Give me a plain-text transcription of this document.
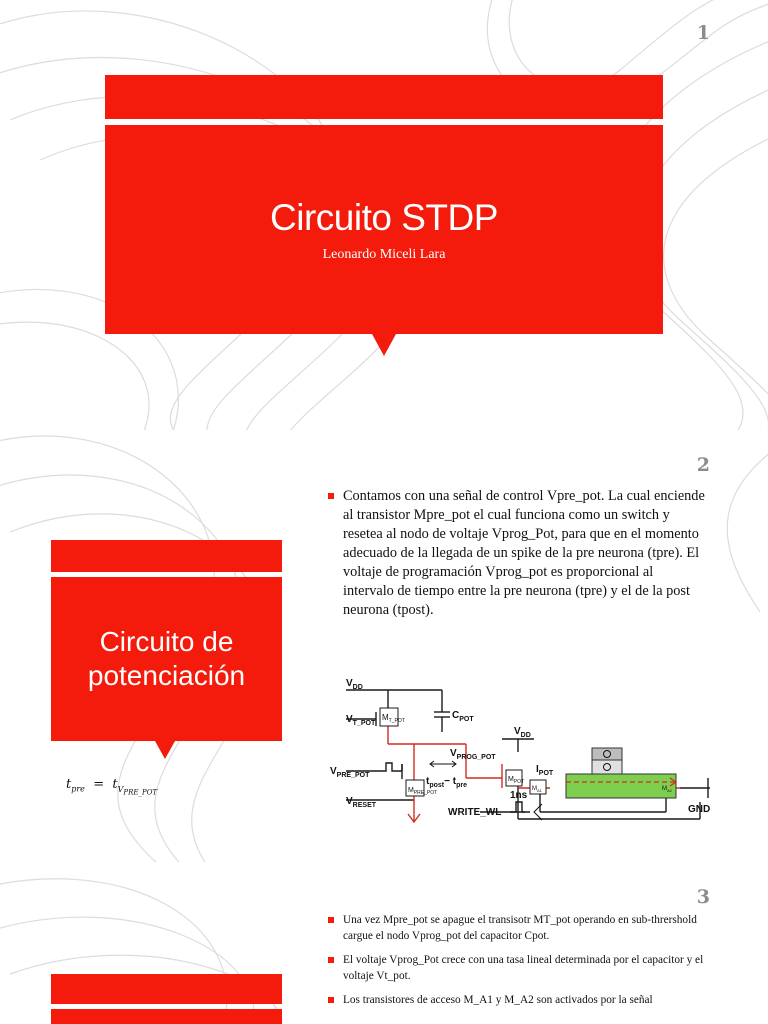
1
Circuito STDP
Leonardo Miceli Lara
2
Circuito de
potenciación
$t_{pre} = t_{V_{PRE\_POT}}$
Contamos con una señal de control Vpre_pot. La cual enciende al transistor Mpre_pot el cual funciona como un switch y resetea al nodo de voltaje Vprog_Pot, para que en el momento adecuado de la llegada de un spike de la pre neurona (tpre). El voltaje de programación Vprog_pot es proporcional al intervalo de tiempo entre la pre neurona (tpre) y el de la post neurona (tpost).
$V_{DD}$
$V_{T\_POT}$
$M_{T\_POT}$	$C_{POT}$
$V_{DD}$
$V_{PROG\_POT}$
$M_{POT}$
$V_{PRE\_POT}$
$M_{PRE\_POT}$
$t_{post}- t_{pre}$
$I_{POT}$
$V_{RESET}$
WRITE_WL
1ns
GND
$M_{A1}$	$M_{A2}$
3
Una vez Mpre_pot se apague el transisotr MT_pot operando en sub-thrershold cargue el nodo Vprog_pot del capacitor Cpot.
El voltaje Vprog_Pot crece con una tasa lineal determinada por el capacitor y el voltaje Vt_pot.
Los transistores de acceso M_A1 y M_A2 son activados por la señal
